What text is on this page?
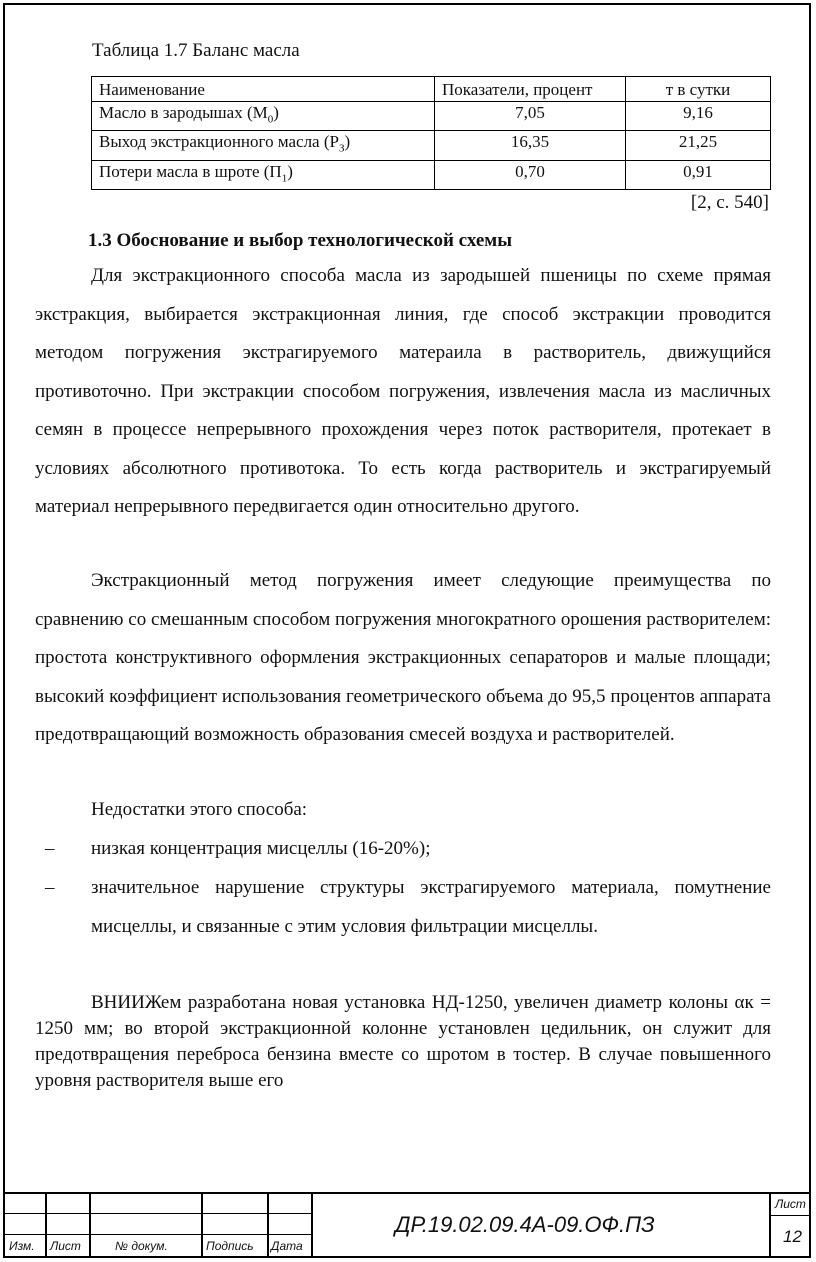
Таблица 1.7 Баланс масла
Наименование	Показатели, процент	т в сутки
Масло в зародышах $(М_0)$	7,05	9,16
Выход экстракционного масла $(Р_З)$	16,35	21,25
Потери масла в шроте $(П_1)$	0,70	0,91
[2, с. 540]
1.3 Обоснование и выбор технологической схемы

Для экстракционного способа масла из зародышей пшеницы по схеме прямая экстракция, выбирается экстракционная линия, где способ экстракции проводится методом погружения экстрагируемого матерaила в растворитель, движущийся противоточно. При экстракции способом погружения, извлечения масла из масличных семян в процессе непрерывного прохождения через поток растворителя, протекает в условиях абсолютного противотока. То есть когда растворитель и экстрагируемый материал непрерывного передвигается один относительно другого.

Экстракционный метод погружения имеет следующие преимущества по сравнению со смешанным способом погружения многократного орошения растворителем: простота конструктивного оформления экстракционных сепараторов и малые площади; высокий коэффициент использования геометрического объема до 95,5 процентов аппарата предотвращающий возможность образования смесей воздуха и растворителей.

Недостатки этого способа:

– низкая концентрация мисцеллы (16-20%);
– значительное нарушение структуры экстрагируемого материала, помутнение мисцеллы, и связанные с этим условия фильтрации мисцеллы.

ВНИИЖем разработана новая установка НД-1250, увеличен диаметр колоны αк = 1250 мм; во второй экстракционной колонне установлен цедильник, он служит для предотвращения переброса бензина вместе со шротом в тостер. В случае повышенного уровня растворителя выше его

Изм. Лист	№ докум.	Подпись Дата
ДР.19.02.09.4А-09.ОФ.ПЗ
Лист
12
